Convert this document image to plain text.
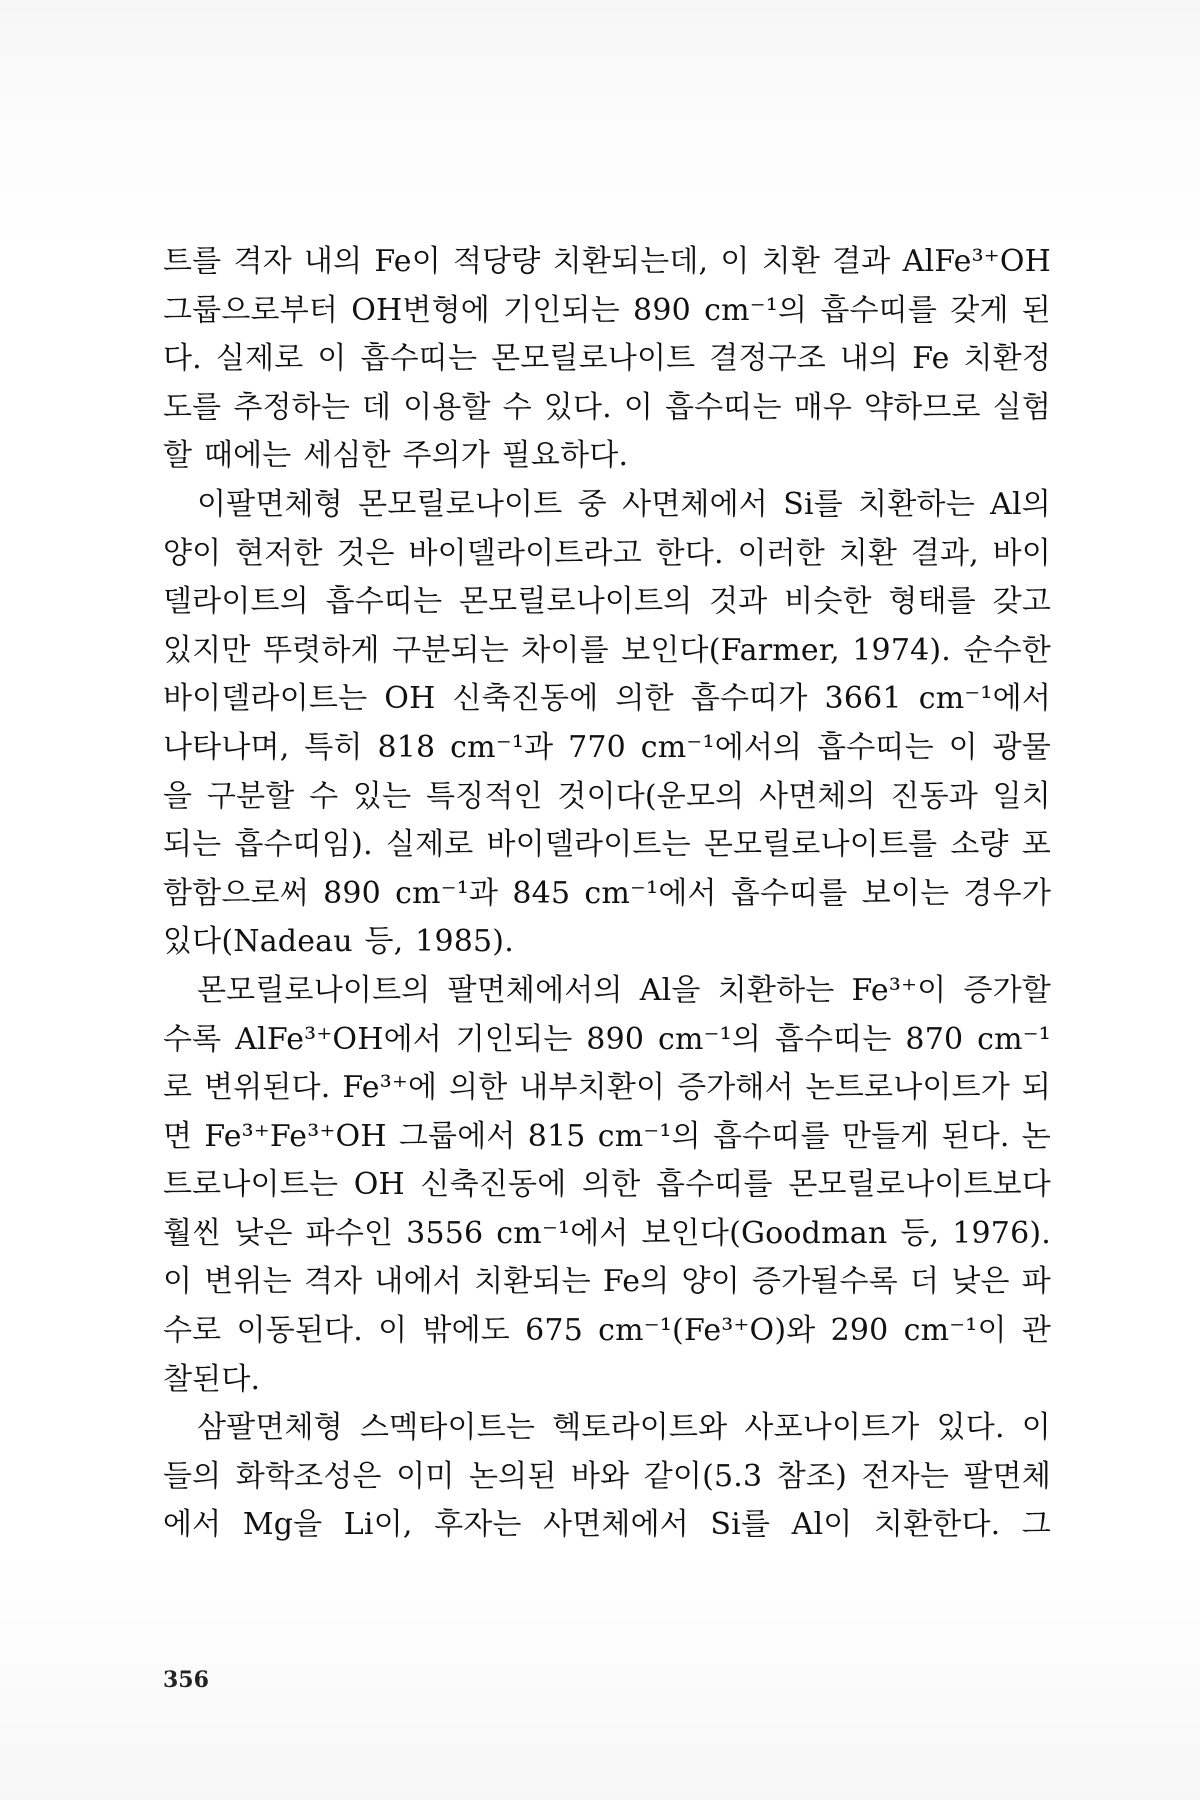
트를 격자 내의 Fe이 적당량 치환되는데, 이 치환 결과 AlFe³⁺OH 그룹으로부터 OH변형에 기인되는 890 cm⁻¹의 흡수띠를 갖게 된다. 실제로 이 흡수띠는 몬모릴로나이트 결정구조 내의 Fe 치환정도를 추정하는 데 이용할 수 있다. 이 흡수띠는 매우 약하므로 실험할 때에는 세심한 주의가 필요하다.

이팔면체형 몬모릴로나이트 중 사면체에서 Si를 치환하는 Al의 양이 현저한 것은 바이델라이트라고 한다. 이러한 치환 결과, 바이델라이트의 흡수띠는 몬모릴로나이트의 것과 비슷한 형태를 갖고 있지만 뚜렷하게 구분되는 차이를 보인다(Farmer, 1974). 순수한 바이델라이트는 OH 신축진동에 의한 흡수띠가 3661 cm⁻¹에서 나타나며, 특히 818 cm⁻¹과 770 cm⁻¹에서의 흡수띠는 이 광물을 구분할 수 있는 특징적인 것이다(운모의 사면체의 진동과 일치되는 흡수띠임). 실제로 바이델라이트는 몬모릴로나이트를 소량 포함함으로써 890 cm⁻¹과 845 cm⁻¹에서 흡수띠를 보이는 경우가 있다(Nadeau 등, 1985).

몬모릴로나이트의 팔면체에서의 Al을 치환하는 Fe³⁺이 증가할수록 AlFe³⁺OH에서 기인되는 890 cm⁻¹의 흡수띠는 870 cm⁻¹로 변위된다. Fe³⁺에 의한 내부치환이 증가해서 논트로나이트가 되면 Fe³⁺Fe³⁺OH 그룹에서 815 cm⁻¹의 흡수띠를 만들게 된다. 논트로나이트는 OH 신축진동에 의한 흡수띠를 몬모릴로나이트보다 훨씬 낮은 파수인 3556 cm⁻¹에서 보인다(Goodman 등, 1976). 이 변위는 격자 내에서 치환되는 Fe의 양이 증가될수록 더 낮은 파수로 이동된다. 이 밖에도 675 cm⁻¹(Fe³⁺O)와 290 cm⁻¹이 관찰된다.

삼팔면체형 스멕타이트는 헥토라이트와 사포나이트가 있다. 이들의 화학조성은 이미 논의된 바와 같이(5.3 참조) 전자는 팔면체에서 Mg을 Li이, 후자는 사면체에서 Si를 Al이 치환한다. 그

356
